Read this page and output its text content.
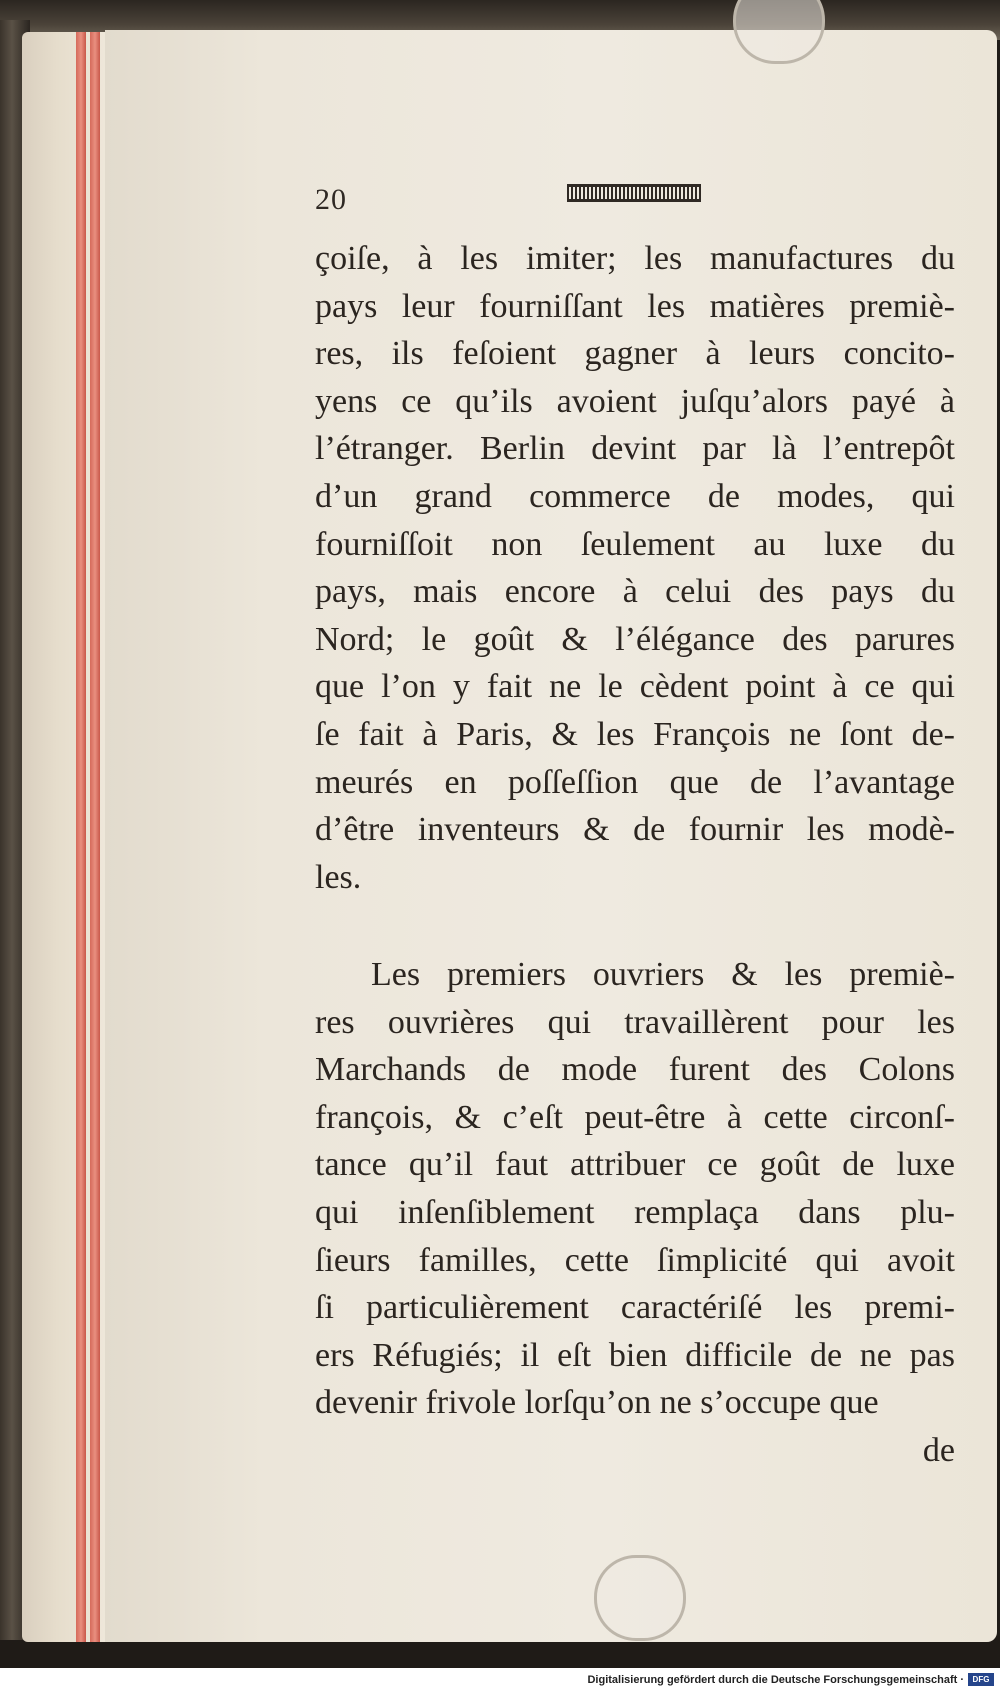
20
çoiſe, à les imiter; les manufactures du
pays leur fourniſſant les matières premiè-
res, ils feſoient gagner à leurs concito-
yens ce qu’ils avoient juſqu’alors payé à
l’étranger. Berlin devint par là l’entrepôt
d’un grand commerce de modes, qui
fourniſſoit non ſeulement au luxe du
pays, mais encore à celui des pays du
Nord; le goût & l’élégance des parures
que l’on y fait ne le cèdent point à ce qui
ſe fait à Paris, & les François ne ſont de-
meurés en poſſeſſion que de l’avantage
d’être inventeurs & de fournir les modè-
les.
Les premiers ouvriers & les premiè-
res ouvrières qui travaillèrent pour les
Marchands de mode furent des Colons
françois, & c’eſt peut-être à cette circonſ-
tance qu’il faut attribuer ce goût de luxe
qui inſenſiblement remplaça dans plu-
ſieurs familles, cette ſimplicité qui avoit
ſi particulièrement caractériſé les premi-
ers Réfugiés; il eſt bien difficile de ne pas
devenir frivole lorſqu’on ne s’occupe que
de
Digitalisierung gefördert durch die Deutsche Forschungsgemeinschaft ·	DFG
